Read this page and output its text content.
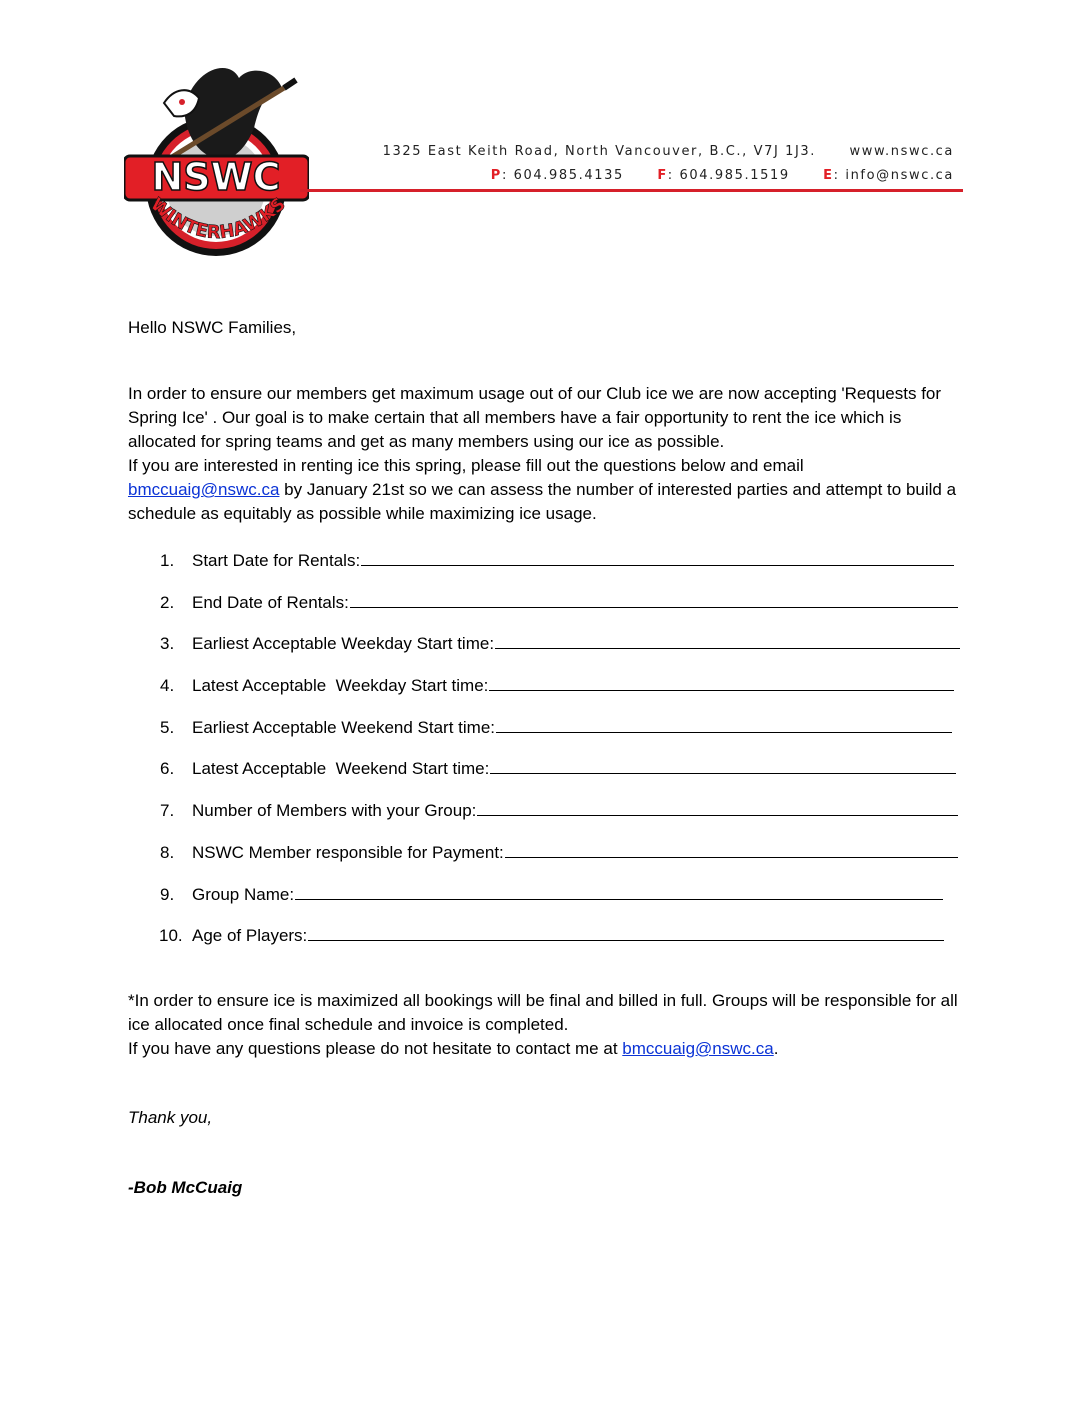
NSWC
WINTERHAWKS
1325 East Keith Road, North Vancouver, B.C., V7J 1J3.	www.nswc.ca
P: 604.985.4135	F: 604.985.1519	E: info@nswc.ca
Hello NSWC Families,

In order to ensure our members get maximum usage out of our Club ice we are now accepting 'Requests for Spring Ice' . Our goal is to make certain that all members have a fair opportunity to rent the ice which is allocated for spring teams and get as many members using our ice as possible.

If you are interested in renting ice this spring, please fill out the questions below and email
bmccuaig@nswc.ca by January 21st so we can assess the number of interested parties and attempt to build a schedule as equitably as possible while maximizing ice usage.

1.	Start Date for Rentals:
2.	End Date of Rentals:
3.	Earliest Acceptable Weekday Start time:
4.	Latest Acceptable  Weekday Start time:
5.	Earliest Acceptable Weekend Start time:
6.	Latest Acceptable  Weekend Start time:
7.	Number of Members with your Group:
8.	NSWC Member responsible for Payment:
9.	Group Name:
10. Age of Players:

*In order to ensure ice is maximized all bookings will be final and billed in full. Groups will be responsible for all ice allocated once final schedule and invoice is completed.

If you have any questions please do not hesitate to contact me at bmccuaig@nswc.ca.

Thank you,
-Bob McCuaig
